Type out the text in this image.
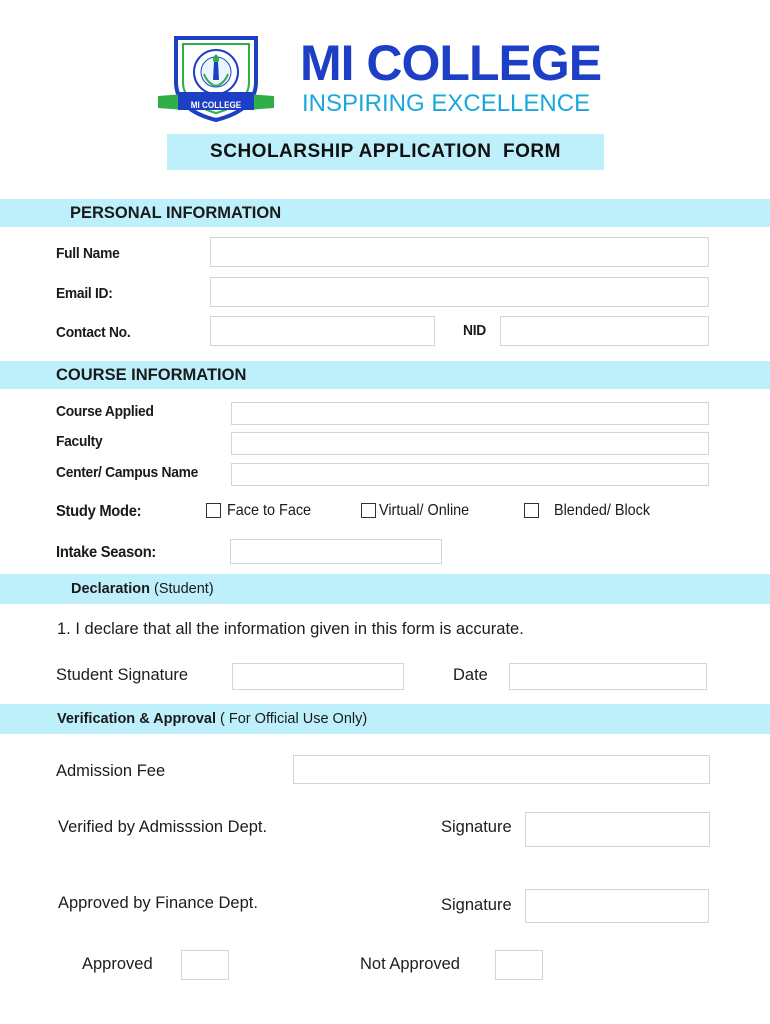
MI COLLEGE
MI COLLEGE
INSPIRING EXCELLENCE
SCHOLARSHIP APPLICATION  FORM
PERSONAL INFORMATION
Full Name
Email ID:
Contact No.	NID
COURSE INFORMATION
Course Applied
Faculty
Center/ Campus Name
Study Mode:	Face to Face	Virtual/ Online	Blended/ Block
Intake Season:
Declaration (Student)
1. I declare that all the information given in this form is accurate.
Student Signature	Date
Verification & Approval ( For Official Use Only)
Admission Fee
Verified by Admisssion Dept.	Signature
Approved by Finance Dept.	Signature
Approved	Not Approved
